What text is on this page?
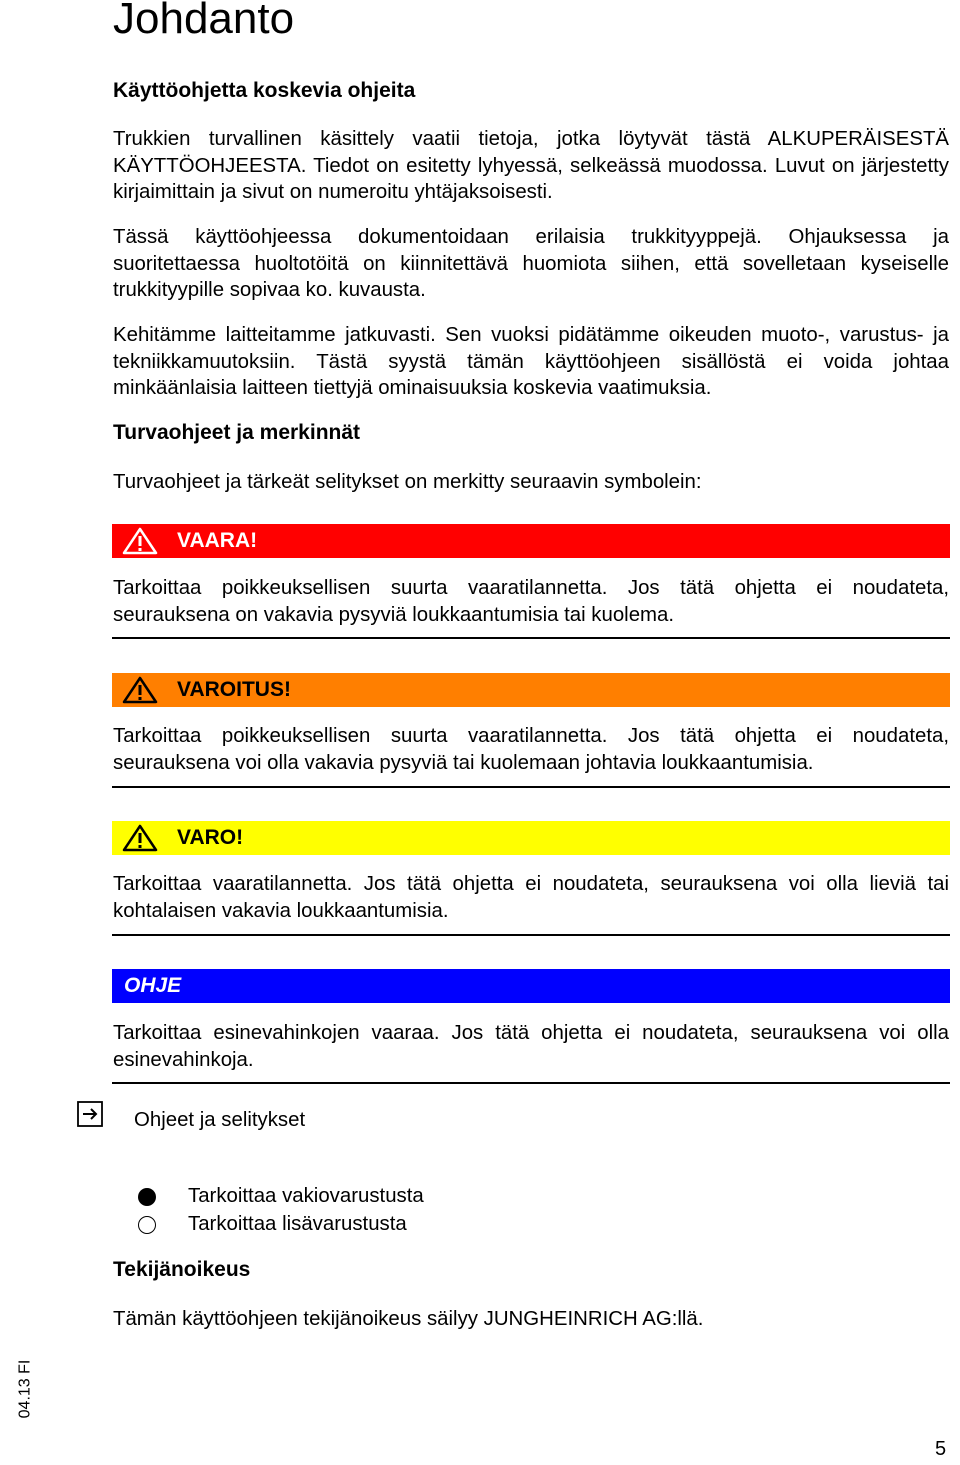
Johdanto
Käyttöohjetta koskevia ohjeita

Trukkien turvallinen käsittely vaatii tietoja, jotka löytyvät tästä ALKUPERÄISESTÄ KÄYTTÖOHJEESTA. Tiedot on esitetty lyhyessä, selkeässä muodossa. Luvut on järjestetty kirjaimittain ja sivut on numeroitu yhtäjaksoisesti.

Tässä käyttöohjeessa dokumentoidaan erilaisia trukkityyppejä. Ohjauksessa ja suoritettaessa huoltotöitä on kiinnitettävä huomiota siihen, että sovelletaan kyseiselle trukkityypille sopivaa ko. kuvausta.

Kehitämme laitteitamme jatkuvasti. Sen vuoksi pidätämme oikeuden muoto-, varustus- ja tekniikkamuutoksiin. Tästä syystä tämän käyttöohjeen sisällöstä ei voida johtaa minkäänlaisia laitteen tiettyjä ominaisuuksia koskevia vaatimuksia.

Turvaohjeet ja merkinnät

Turvaohjeet ja tärkeät selitykset on merkitty seuraavin symbolein:

VAARA!

Tarkoittaa poikkeuksellisen suurta vaaratilannetta. Jos tätä ohjetta ei noudateta, seurauksena on vakavia pysyviä loukkaantumisia tai kuolema.

VAROITUS!

Tarkoittaa poikkeuksellisen suurta vaaratilannetta. Jos tätä ohjetta ei noudateta, seurauksena voi olla vakavia pysyviä tai kuolemaan johtavia loukkaantumisia.

VARO!

Tarkoittaa vaaratilannetta. Jos tätä ohjetta ei noudateta, seurauksena voi olla lieviä tai kohtalaisen vakavia loukkaantumisia.

OHJE

Tarkoittaa esinevahinkojen vaaraa. Jos tätä ohjetta ei noudateta, seurauksena voi olla esinevahinkoja.

Ohjeet ja selitykset

Tarkoittaa vakiovarustusta
Tarkoittaa lisävarustusta
Tekijänoikeus

Tämän käyttöohjeen tekijänoikeus säilyy JUNGHEINRICH AG:llä.

04.13 FI
5
